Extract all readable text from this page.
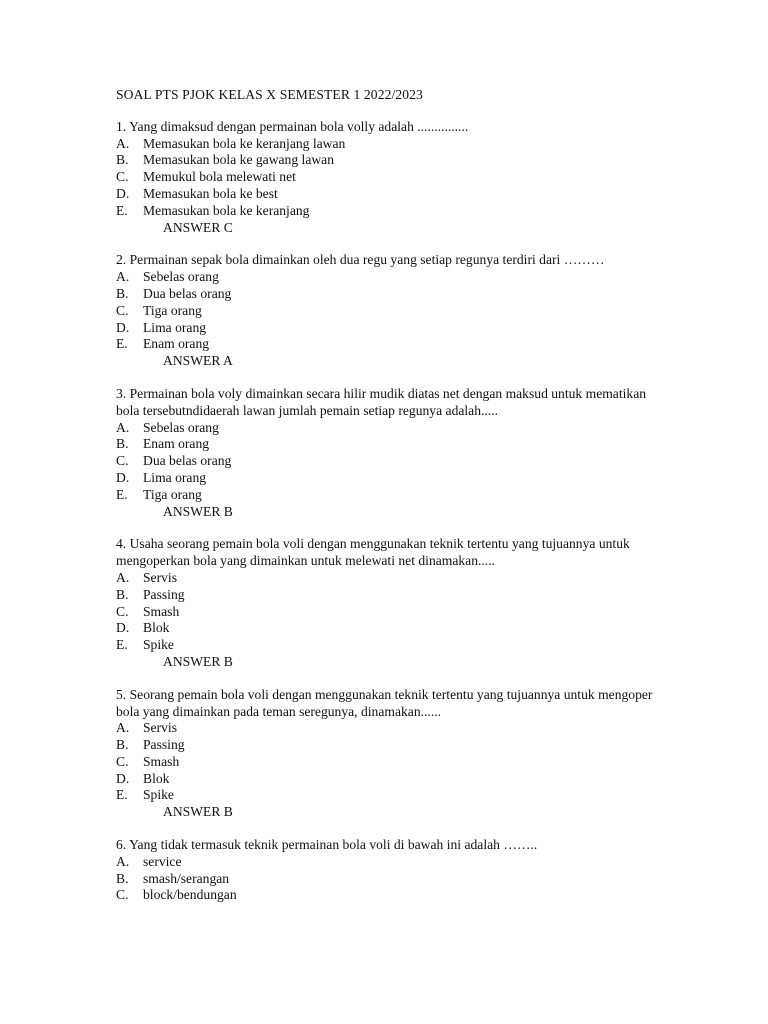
SOAL PTS PJOK KELAS X SEMESTER 1 2022/2023
1. Yang dimaksud dengan permainan bola volly adalah ...............
A.	Memasukan bola ke keranjang lawan
B.	Memasukan bola ke gawang lawan
C.	Memukul bola melewati net
D.	Memasukan bola ke best
E.	Memasukan bola ke keranjang
ANSWER C
2. Permainan sepak bola dimainkan oleh dua regu yang setiap regunya terdiri dari ………
A.	Sebelas orang
B.	Dua belas orang
C.	Tiga orang
D.	Lima orang
E.	Enam orang
ANSWER A
3. Permainan bola voly dimainkan secara hilir mudik diatas net dengan maksud untuk mematikan bola tersebutndidaerah lawan jumlah pemain setiap regunya adalah.....
A.	Sebelas orang
B.	Enam orang
C.	Dua belas orang
D.	Lima orang
E.	Tiga orang
ANSWER B
4. Usaha seorang pemain bola voli dengan menggunakan teknik tertentu yang tujuannya untuk mengoperkan bola yang dimainkan untuk melewati net dinamakan.....
A.	Servis
B.	Passing
C.	Smash
D.	Blok
E.	Spike
ANSWER B
5. Seorang pemain bola voli dengan menggunakan teknik tertentu yang tujuannya untuk mengoper bola yang dimainkan pada teman seregunya, dinamakan......
A.	Servis
B.	Passing
C.	Smash
D.	Blok
E.	Spike
ANSWER B
6. Yang tidak termasuk teknik permainan bola voli di bawah ini adalah ……..
A.	service
B.	smash/serangan
C.	block/bendungan
